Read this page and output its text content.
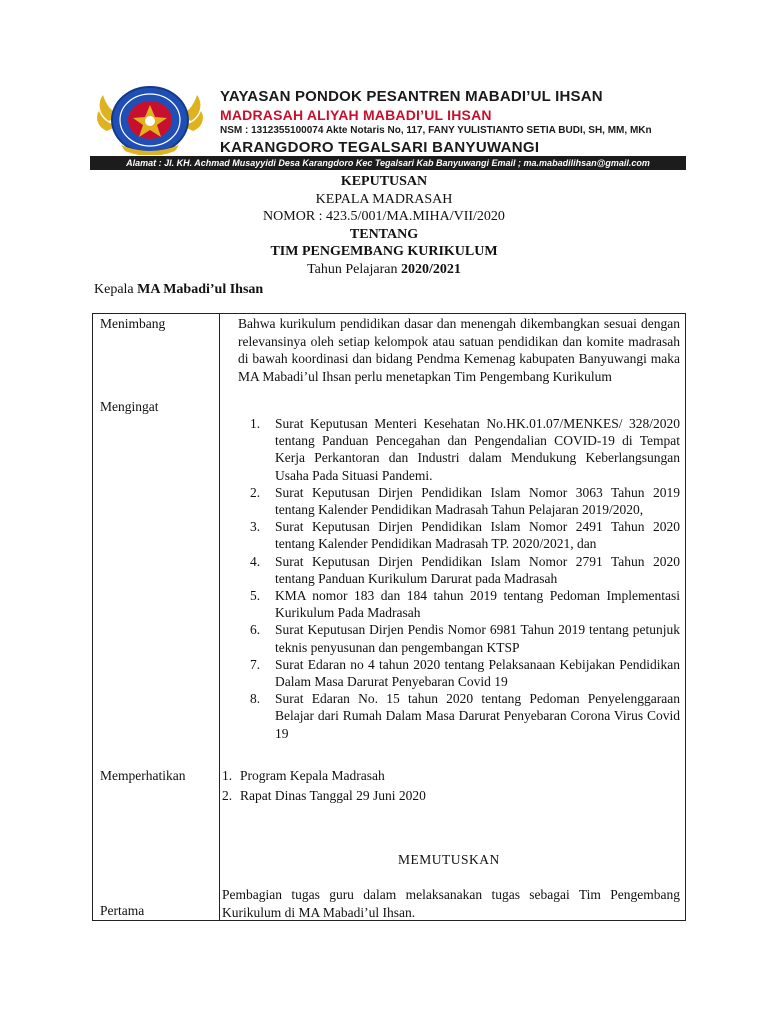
YAYASAN PONDOK PESANTREN MABADI’UL IHSAN
MADRASAH ALIYAH MABADI’UL IHSAN
NSM : 131235510007​4 Akte Notaris No, 117, FANY YULISTIANTO SETIA BUDI, SH, MM, MKn
KARANGDORO TEGALSARI BANYUWANGI
Alamat : Jl. KH. Achmad Musayyidi Desa Karangdoro Kec Tegalsari Kab Banyuwangi Email ; ma.mabadilihsan@gmail.com
KEPUTUSAN
KEPALA MADRASAH
NOMOR : 423.5/001/MA.MIHA/VII/2020
TENTANG
TIM PENGEMBANG KURIKULUM
Tahun Pelajaran 2020/2021
Kepala MA Mabadi’ul Ihsan
Menimbang
Mengingat
Memperhatikan
Pertama
Bahwa kurikulum pendidikan dasar dan menengah dikembangkan sesuai dengan relevansinya oleh setiap kelompok atau satuan pendidikan dan komite madrasah di bawah koordinasi dan bidang Pendma Kemenag kabupaten Banyuwangi maka MA Mabadi’ul Ihsan perlu menetapkan Tim Pengembang Kurikulum
1. Surat Keputusan Menteri Kesehatan No.HK.01.07/MENKES/ 328/2020 tentang Panduan Pencegahan dan Pengendalian COVID-19 di Tempat Kerja Perkantoran dan Industri dalam Mendukung Keberlangsungan Usaha Pada Situasi Pandemi.
2. Surat Keputusan Dirjen Pendidikan Islam Nomor 3063 Tahun 2019 tentang Kalender Pendidikan Madrasah Tahun Pelajaran 2019/2020,
3. Surat Keputusan Dirjen Pendidikan Islam Nomor 2491 Tahun 2020 tentang Kalender Pendidikan Madrasah TP. 2020/2021, dan
4. Surat Keputusan Dirjen Pendidikan Islam Nomor 2791 Tahun 2020 tentang Panduan Kurikulum Darurat pada Madrasah
5. KMA nomor 183 dan 184 tahun 2019 tentang Pedoman Implementasi Kurikulum Pada Madrasah
6. Surat Keputusan Dirjen Pendis Nomor 6981 Tahun 2019 tentang petunjuk teknis penyusunan dan pengembangan KTSP
7. Surat Edaran no 4 tahun 2020 tentang Pelaksanaan Kebijakan Pendidikan Dalam Masa Darurat Penyebaran Covid 19
8. Surat Edaran No. 15 tahun 2020 tentang Pedoman Penyelenggaraan Belajar dari Rumah Dalam Masa Darurat Penyebaran Corona Virus Covid 19
1. Program Kepala Madrasah
2. Rapat Dinas Tanggal 29 Juni 2020
MEMUTUSKAN
Pembagian tugas guru dalam melaksanakan tugas sebagai Tim Pengembang Kurikulum di MA Mabadi’ul Ihsan.
